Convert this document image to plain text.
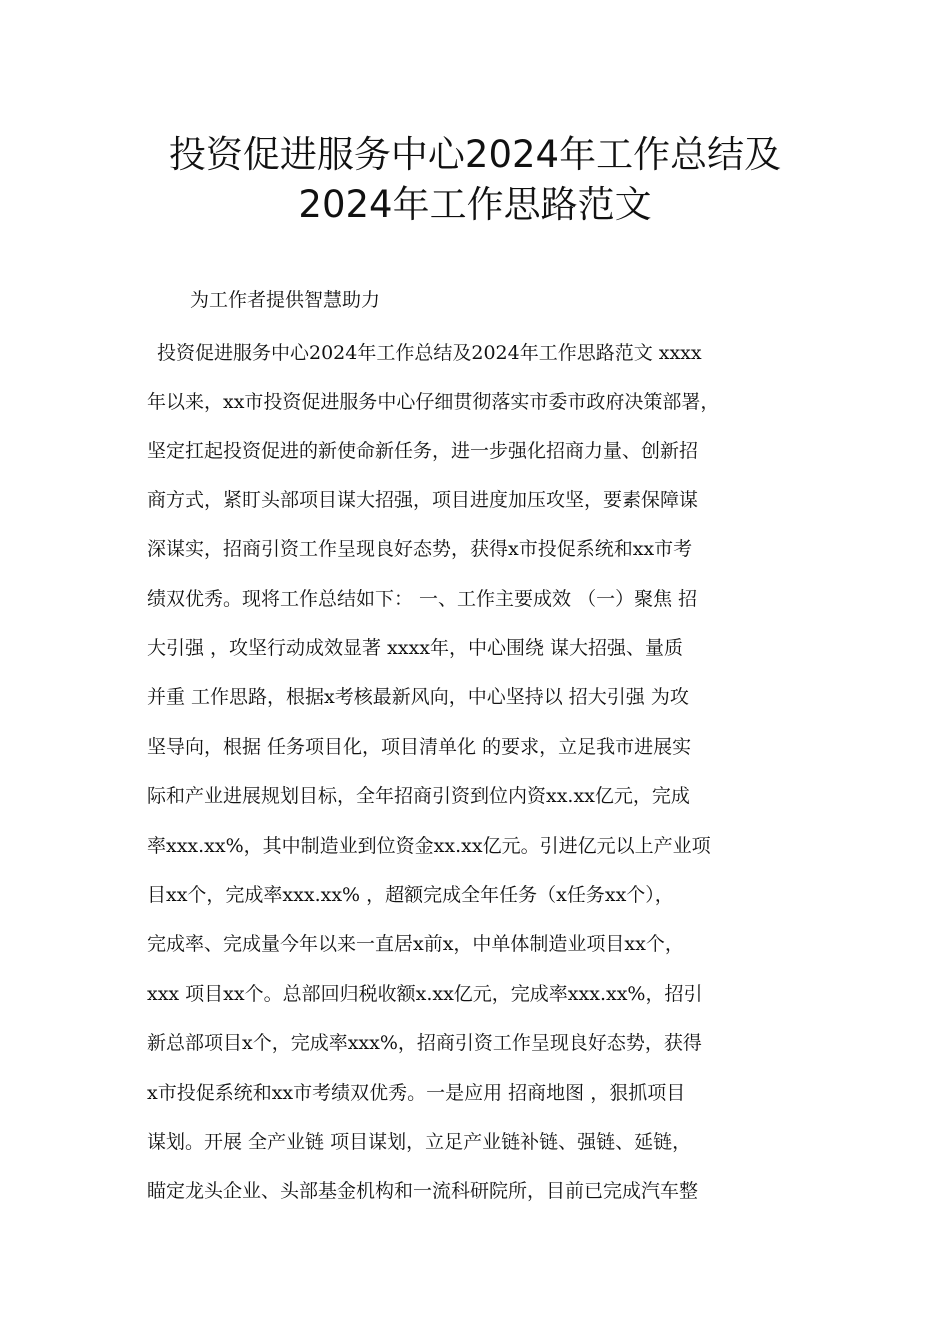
投资促进服务中心2024年工作总结及
2024年工作思路范文
为工作者提供智慧助力
投资促进服务中心2024年工作总结及2024年工作思路范文 xxxx
年以来，xx市投资促进服务中心仔细贯彻落实市委市政府决策部署，
坚定扛起投资促进的新使命新任务，进一步强化招商力量、创新招
商方式，紧盯头部项目谋大招强，项目进度加压攻坚，要素保障谋
深谋实，招商引资工作呈现良好态势，获得x市投促系统和xx市考
绩双优秀。现将工作总结如下： 一、工作主要成效 （一）聚焦 招
大引强 ，攻坚行动成效显著 xxxx年，中心围绕 谋大招强、量质
并重 工作思路，根据x考核最新风向，中心坚持以 招大引强 为攻
坚导向，根据 任务项目化，项目清单化 的要求，立足我市进展实
际和产业进展规划目标，全年招商引资到位内资xx.xx亿元，完成
率xxx.xx%，其中制造业到位资金xx.xx亿元。引进亿元以上产业项
目xx个，完成率xxx.xx% ，超额完成全年任务（x任务xx个），
完成率、完成量今年以来一直居x前x，中单体制造业项目xx个，
xxx 项目xx个。总部回归税收额x.xx亿元，完成率xxx.xx%，招引
新总部项目x个，完成率xxx%，招商引资工作呈现良好态势，获得
x市投促系统和xx市考绩双优秀。一是应用 招商地图 ，狠抓项目
谋划。开展 全产业链 项目谋划，立足产业链补链、强链、延链，
瞄定龙头企业、头部基金机构和一流科研院所，目前已完成汽车整
